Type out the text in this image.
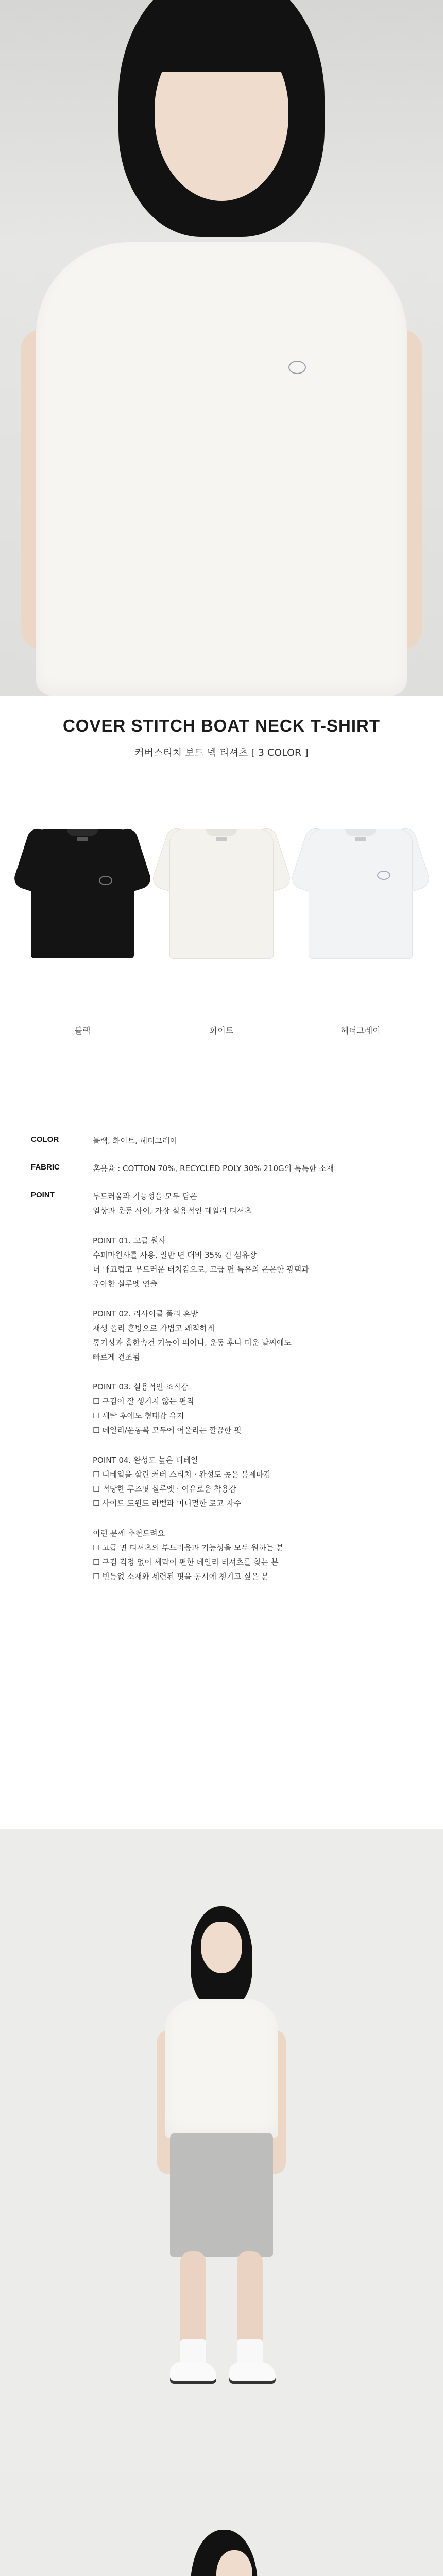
COVER STITCH BOAT NECK T-SHIRT
커버스티치 보트 넥 티셔츠 [ 3 COLOR ]
블랙	화이트	헤더그레이
COLOR	블랙, 화이트, 헤더그레이
FABRIC	혼용율 : COTTON 70%, RECYCLED POLY 30% 210G의 톡톡한 소재
POINT	부드러움과 기능성을 모두 담은
일상과 운동 사이, 가장 실용적인 데일리 티셔츠
POINT 01. 고급 원사
수피마원사를 사용, 일반 면 대비 35% 긴 섬유장
더 매끄럽고 부드러운 터치감으로, 고급 면 특유의 은은한 광택과
우아한 실루엣 연출
POINT 02. 리사이클 폴리 혼방
재생 폴리 혼방으로 가볍고 쾌적하게
통기성과 흡한속건 기능이 뛰어나, 운동 후나 더운 날씨에도
빠르게 건조됨
POINT 03. 실용적인 조직감
☐ 구김이 잘 생기지 않는 편직
☐ 세탁 후에도 형태감 유지
☐ 데일리/운동복 모두에 어울리는 깔끔한 핏
POINT 04. 완성도 높은 디테일
☐ 디테일을 살린 커버 스티치 · 완성도 높은 봉제마감
☐ 적당한 루즈핏 실루엣 · 여유로운 착용감
☐ 사이드 트윈트 라벨과 미니멀한 로고 자수
이런 분께 추천드려요
☐ 고급 면 티셔츠의 부드러움과 기능성을 모두 원하는 분
☐ 구김 걱정 없이 세탁이 편한 데일리 티셔츠를 찾는 분
☐ 빈틈없 소재와 세련된 핏을 동시에 챙기고 싶은 분
